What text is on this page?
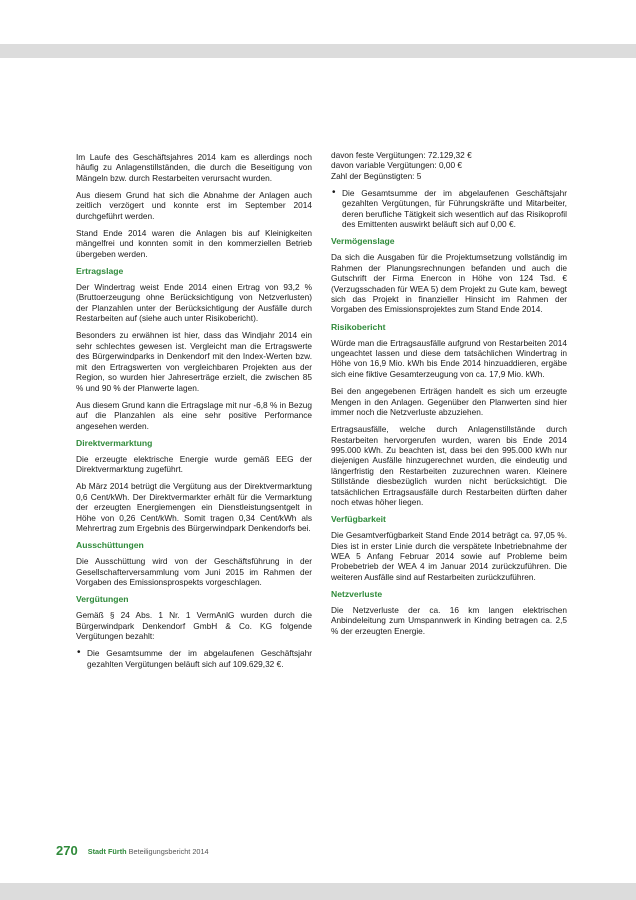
Im Laufe des Geschäftsjahres 2014 kam es allerdings noch häufig zu Anlagenstillständen, die durch die Beseitigung von Mängeln bzw. durch Restarbeiten verursacht wurden.

Aus diesem Grund hat sich die Abnahme der Anlagen auch zeitlich verzögert und konnte erst im September 2014 durchgeführt werden.

Stand Ende 2014 waren die Anlagen bis auf Kleinigkeiten mängelfrei und konnten somit in den kommerziellen Betrieb übergeben werden.

Ertragslage

Der Windertrag weist Ende 2014 einen Ertrag von 93,2 % (Bruttoerzeugung ohne Berücksichtigung von Netzverlusten) der Planzahlen unter der Berücksichtigung der Ausfälle durch Restarbeiten auf (siehe auch unter Risikobericht).

Besonders zu erwähnen ist hier, dass das Windjahr 2014 ein sehr schlechtes gewesen ist. Vergleicht man die Ertragswerte des Bürgerwindparks in Denkendorf mit den Index-Werten bzw. mit den Ertragswerten von vergleichbaren Projekten aus der Region, so wurden hier Jahreserträge erzielt, die zwischen 85 % und 90 % der Planwerte lagen.

Aus diesem Grund kann die Ertragslage mit nur -6,8 % in Bezug auf die Planzahlen als eine sehr positive Performance angesehen werden.

Direktvermarktung

Die erzeugte elektrische Energie wurde gemäß EEG der Direktvermarktung zugeführt.

Ab März 2014 betrügt die Vergütung aus der Direktvermarktung 0,6 Cent/kWh. Der Direktvermarkter erhält für die Vermarktung der erzeugten Energiemengen ein Dienstleistungsentgelt in Höhe von 0,26 Cent/kWh. Somit tragen 0,34 Cent/kWh als Mehrertrag zum Ergebnis des Bürgerwindpark Denkendorfs bei.

Ausschüttungen

Die Ausschüttung wird von der Geschäftsführung in der Gesellschafterversammlung vom Juni 2015 im Rahmen der Vorgaben des Emissionsprospekts vorgeschlagen.

Vergütungen

Gemäß § 24 Abs. 1 Nr. 1 VermAnlG wurden durch die Bürgerwindpark Denkendorf GmbH & Co. KG folgende Vergütungen bezahlt:

• Die Gesamtsumme der im abgelaufenen Geschäftsjahr gezahlten Vergütungen beläuft sich auf 109.629,32 €.

davon feste Vergütungen: 72.129,32 €

davon variable Vergütungen: 0,00 €

Zahl der Begünstigten: 5

• Die Gesamtsumme der im abgelaufenen Geschäftsjahr gezahlten Vergütungen, für Führungskräfte und Mitarbeiter, deren berufliche Tätigkeit sich wesentlich auf das Risikoprofil des Emittenten auswirkt beläuft sich auf 0,00 €.
Vermögenslage

Da sich die Ausgaben für die Projektumsetzung vollständig im Rahmen der Planungsrechnungen befanden und auch die Gutschrift der Firma Enercon in Höhe von 124 Tsd. € (Verzugsschaden für WEA 5) dem Projekt zu Gute kam, bewegt sich das Projekt in finanzieller Hinsicht im Rahmen der Vorgaben des Emissionsprojektes zum Stand Ende 2014.

Risikobericht

Würde man die Ertragsausfälle aufgrund von Restarbeiten 2014 ungeachtet lassen und diese dem tatsächlichen Windertrag in Höhe von 16,9 Mio. kWh bis Ende 2014 hinzuaddieren, ergäbe sich eine fiktive Gesamterzeugung von ca. 17,9 Mio. kWh.

Bei den angegebenen Erträgen handelt es sich um erzeugte Mengen in den Anlagen. Gegenüber den Planwerten sind hier immer noch die Netzverluste abzuziehen.

Ertragsausfälle, welche durch Anlagenstillstände durch Restarbeiten hervorgerufen wurden, waren bis Ende 2014 995.000 kWh. Zu beachten ist, dass bei den 995.000 kWh nur diejenigen Ausfälle hinzugerechnet wurden, die eindeutig und längerfristig den Restarbeiten zuzurechnen waren. Kleinere Stillstände diesbezüglich wurden nicht berücksichtigt. Die tatsächlichen Ertragsausfälle durch Restarbeiten dürften daher noch etwas höher liegen.

Verfügbarkeit

Die Gesamtverfügbarkeit Stand Ende 2014 beträgt ca. 97,05 %. Dies ist in erster Linie durch die verspätete Inbetriebnahme der WEA 5 Anfang Februar 2014 sowie auf Probleme beim Probebetrieb der WEA 4 im Januar 2014 zurückzuführen. Die weiteren Ausfälle sind auf Restarbeiten zurückzuführen.

Netzverluste

Die Netzverluste der ca. 16 km langen elektrischen Anbindeleitung zum Umspannwerk in Kinding betragen ca. 2,5 % der erzeugten Energie.

270 Stadt Fürth Beteiligungsbericht 2014
